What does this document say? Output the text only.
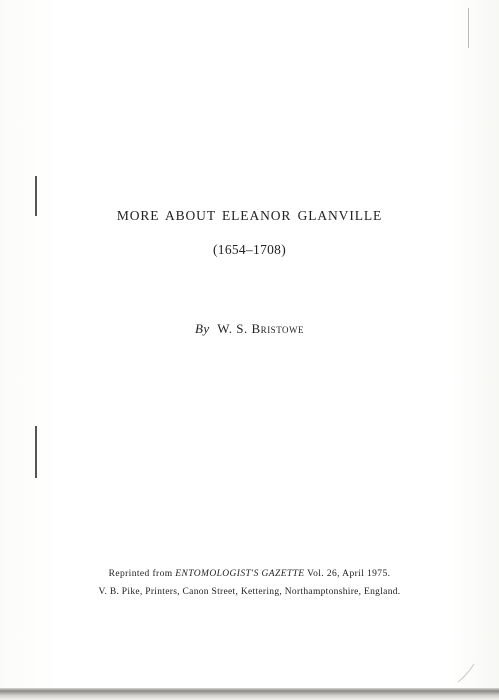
MORE ABOUT ELEANOR GLANVILLE
(1654–1708)
By W. S. Bristowe
Reprinted from ENTOMOLOGIST'S GAZETTE Vol. 26, April 1975.
V. B. Pike, Printers, Canon Street, Kettering, Northamptonshire, England.
